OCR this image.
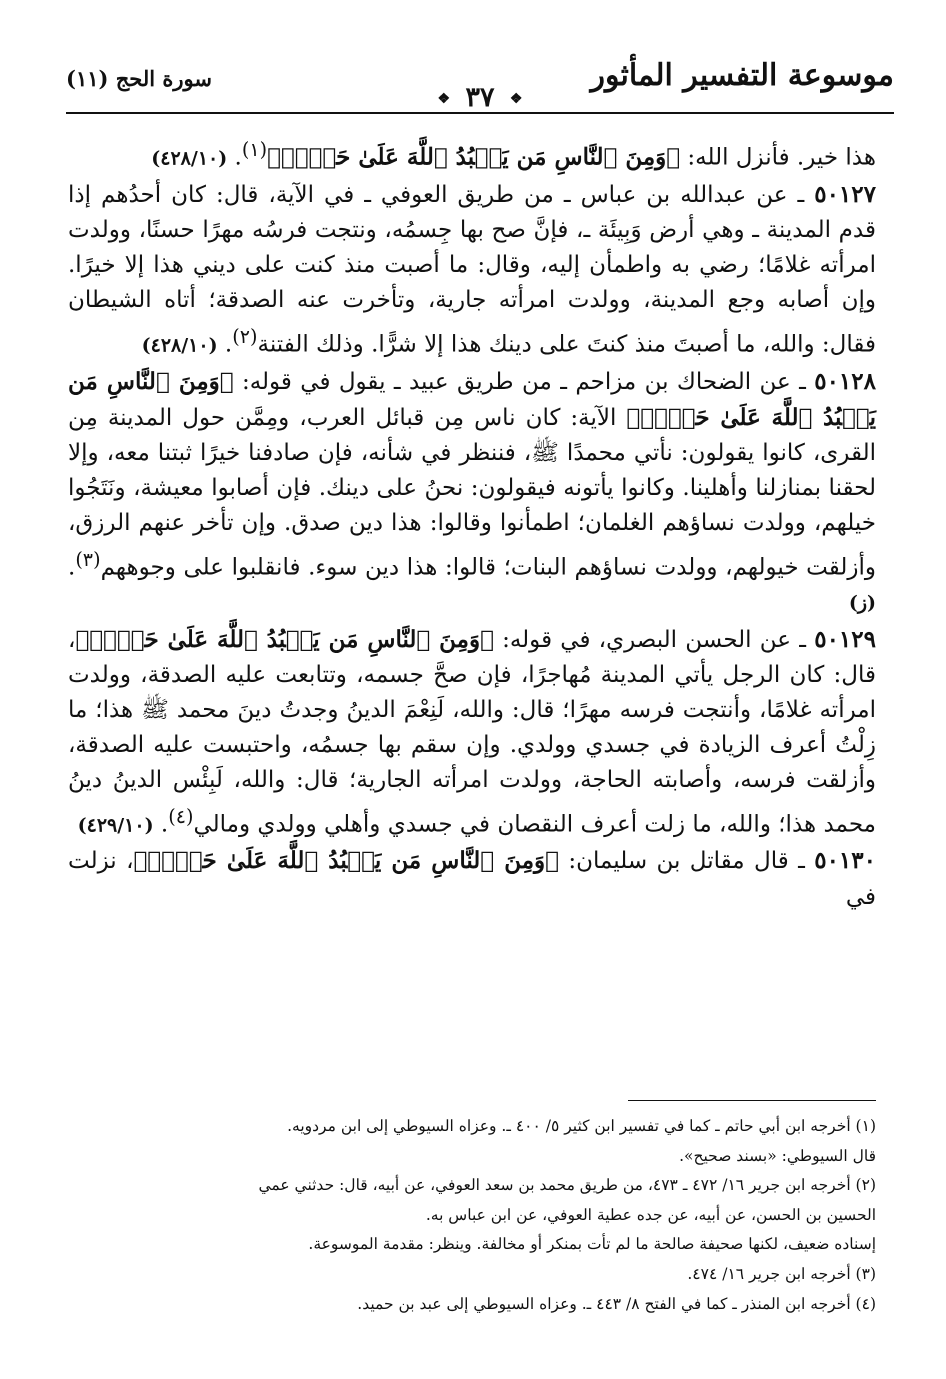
موسوعة التفسير المأثور
❖ ٣٧ ❖
سورة الحج (١١)

هذا خير. فأنزل الله: ﴿وَمِنَ ٱلنَّاسِ مَن يَعۡبُدُ ٱللَّهَ عَلَىٰ حَرۡفٖ﴾$^{(١)}$. (٤٢٨/١٠)

٥٠١٢٧ ـ عن عبدالله بن عباس ـ من طريق العوفي ـ في الآية، قال: كان أحدُهم إذا قدم المدينة ـ وهي أرض وَبِيئَة ـ، فإنَّ صح بها جِسمُه، ونتجت فرسُه مهرًا حسنًا، وولدت امرأته غلامًا؛ رضي به واطمأن إليه، وقال: ما أصبت منذ كنت على ديني هذا إلا خيرًا. وإن أصابه وجع المدينة، وولدت امرأته جارية، وتأخرت عنه الصدقة؛ أتاه الشيطان فقال: والله، ما أصبتَ منذ كنتَ على دينك هذا إلا شرًّا. وذلك الفتنة$^{(٢)}$. (٤٢٨/١٠)

٥٠١٢٨ ـ عن الضحاك بن مزاحم ـ من طريق عبيد ـ يقول في قوله: ﴿وَمِنَ ٱلنَّاسِ مَن يَعۡبُدُ ٱللَّهَ عَلَىٰ حَرۡفٖ﴾ الآية: كان ناس مِن قبائل العرب، ومِمَّن حول المدينة مِن القرى، كانوا يقولون: نأتي محمدًا ﷺ، فننظر في شأنه، فإن صادفنا خيرًا ثبتنا معه، وإلا لحقنا بمنازلنا وأهلينا. وكانوا يأتونه فيقولون: نحنُ على دينك. فإن أصابوا معيشة، ونَتَجُوا خيلهم، وولدت نساؤهم الغلمان؛ اطمأنوا وقالوا: هذا دين صدق. وإن تأخر عنهم الرزق، وأزلقت خيولهم، وولدت نساؤهم البنات؛ قالوا: هذا دين سوء. فانقلبوا على وجوههم$^{(٣)}$. (ز)

٥٠١٢٩ ـ عن الحسن البصري، في قوله: ﴿وَمِنَ ٱلنَّاسِ مَن يَعۡبُدُ ٱللَّهَ عَلَىٰ حَرۡفٖ﴾، قال: كان الرجل يأتي المدينة مُهاجرًا، فإن صحَّ جسمه، وتتابعت عليه الصدقة، وولدت امرأته غلامًا، وأنتجت فرسه مهرًا؛ قال: والله، لَنِعْمَ الدينُ وجدتُ دينَ محمد ﷺ هذا؛ ما زِلْتُ أعرف الزيادة في جسدي وولدي. وإن سقم بها جسمُه، واحتبست عليه الصدقة، وأزلقت فرسه، وأصابته الحاجة، وولدت امرأته الجارية؛ قال: والله، لَبِئْس الدينُ دينُ محمد هذا؛ والله، ما زلت أعرف النقصان في جسدي وأهلي وولدي ومالي$^{(٤)}$. (٤٢٩/١٠)

٥٠١٣٠ ـ قال مقاتل بن سليمان: ﴿وَمِنَ ٱلنَّاسِ مَن يَعۡبُدُ ٱللَّهَ عَلَىٰ حَرۡفٖ﴾، نزلت في

(١) أخرجه ابن أبي حاتم ـ كما في تفسير ابن كثير ٥/ ٤٠٠ ـ. وعزاه السيوطي إلى ابن مردويه.

قال السيوطي: «بسند صحيح».

(٢) أخرجه ابن جرير ١٦/ ٤٧٢ ـ ٤٧٣، من طريق محمد بن سعد العوفي، عن أبيه، قال: حدثني عمي

الحسين بن الحسن، عن أبيه، عن جده عطية العوفي، عن ابن عباس به.

إسناده ضعيف، لكنها صحيفة صالحة ما لم تأت بمنكر أو مخالفة. وينظر: مقدمة الموسوعة.

(٣) أخرجه ابن جرير ١٦/ ٤٧٤.

(٤) أخرجه ابن المنذر ـ كما في الفتح ٨/ ٤٤٣ ـ. وعزاه السيوطي إلى عبد بن حميد.
